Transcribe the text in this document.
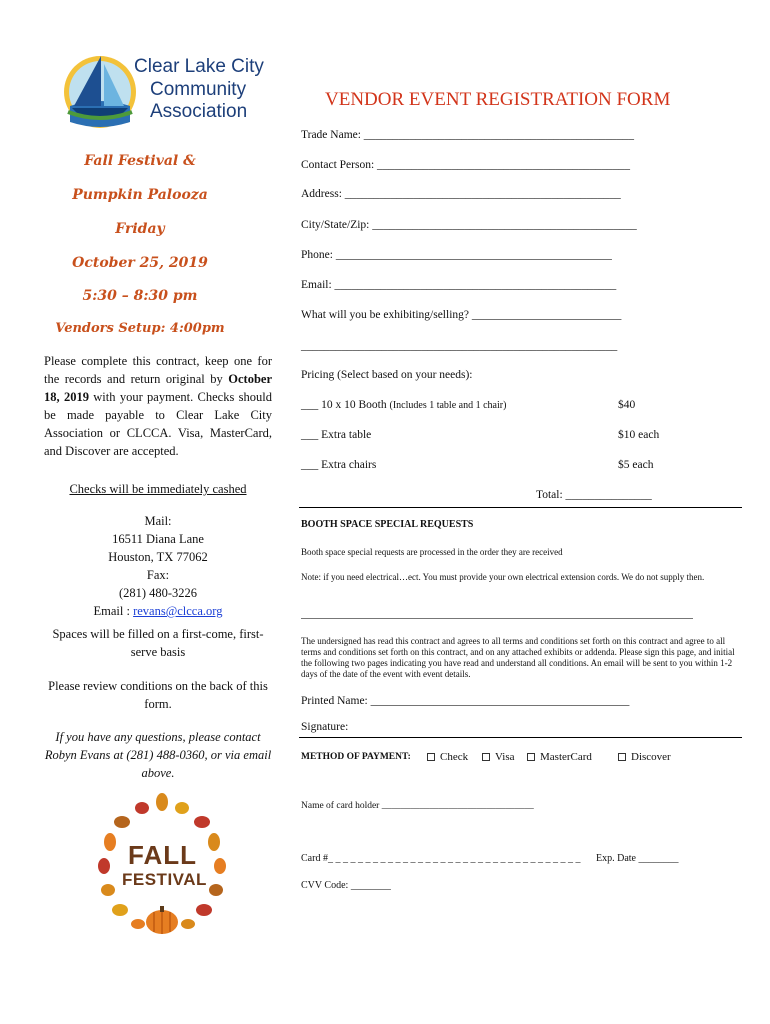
Clear Lake City
Community
Association
Fall Festival &
Pumpkin Palooza
Friday
October 25, 2019
5:30 – 8:30 pm
Vendors Setup: 4:00pm
Please complete this contract, keep one for the records and return original by October 18, 2019 with your payment. Checks should be made payable to Clear Lake City Association or CLCCA. Visa, MasterCard, and Discover are accepted.
Checks will be immediately cashed
Mail:
16511 Diana Lane
Houston, TX 77062
Fax:
(281) 480-3226
Email : revans@clcca.org
Spaces will be filled on a first-come, first-serve basis
Please review conditions on the back of this form.
If you have any questions, please contact Robyn Evans at (281) 488-0360, or via email above.
FALL
FESTIVAL
VENDOR EVENT REGISTRATION FORM
Trade Name: _______________________________________________
Contact Person: ____________________________________________
Address: ________________________________________________
City/State/Zip: ______________________________________________
Phone: ________________________________________________
Email: _________________________________________________
What will you be exhibiting/selling? __________________________
_______________________________________________________
Pricing (Select based on your needs):
___ 10 x 10 Booth (Includes 1 table and 1 chair)	$40
___ Extra table	$10 each
___ Extra chairs	$5 each
Total: _______________
BOOTH SPACE SPECIAL REQUESTS
Booth space special requests are processed in the order they are received
Note: if you need electrical…ect. You must provide your own electrical extension cords. We do not supply then.
The undersigned has read this contract and agrees to all terms and conditions set forth on this contract and agree to all terms and conditions set forth on this contract, and on any attached exhibits or addenda. Please sign this page, and initial the following two pages indicating you have read and understand all conditions. An email will be sent to you within 1-2 days of the date of the event with event details.
Printed Name: _____________________________________________
Signature:
METHOD OF PAYMENT:	Check	Visa	MasterCard	Discover
Name of card holder ________________________________
Card #_ _ _ _ _ _ _ _ _ _ _ _ _ _ _ _ _ _ _ _ _ _ _ _ _ _ _ _ _ _ _ _ _ _ Exp. Date ________
CVV Code: ________
